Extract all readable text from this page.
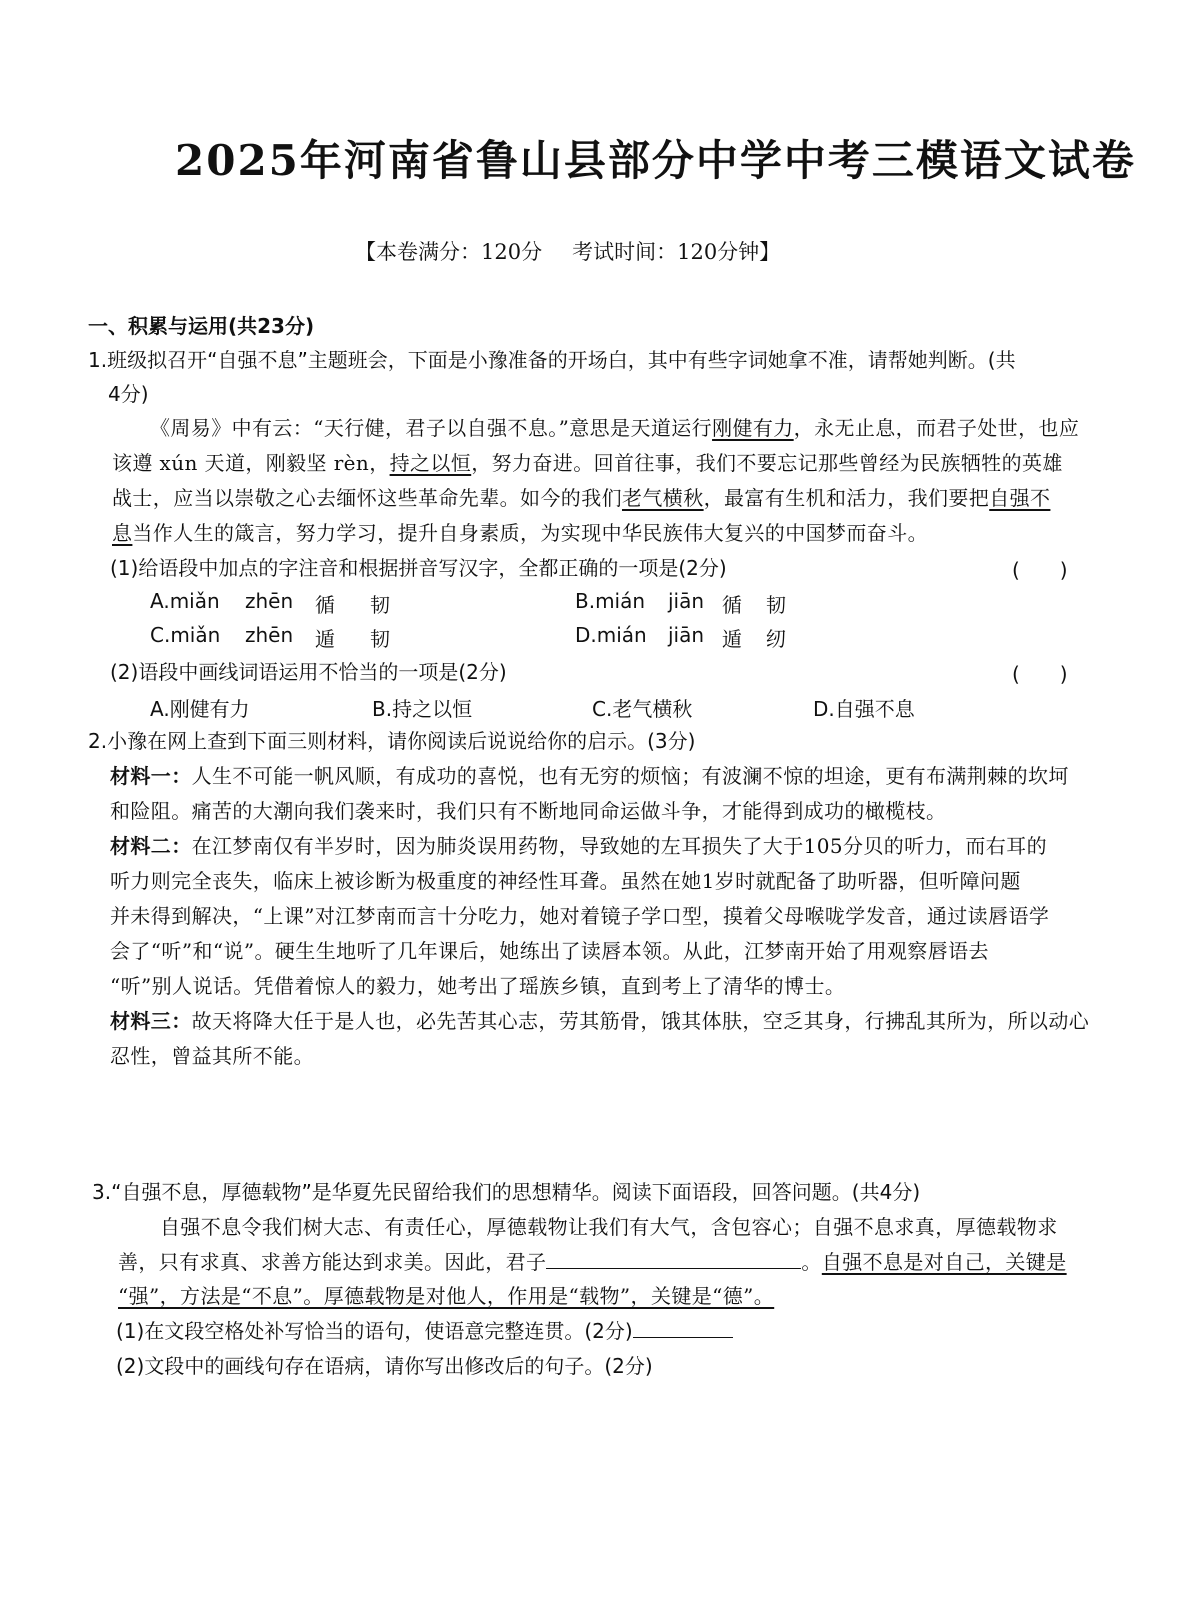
2025年河南省鲁山县部分中学中考三模语文试卷
【本卷满分：120分 考试时间：120分钟】
一、积累与运用(共23分)
1.班级拟召开“自强不息”主题班会，下面是小豫准备的开场白，其中有些字词她拿不准，请帮她判断。(共
4分)
《周易》中有云：“天行健，君子以自强不息。”意思是天道运行刚健有力，永无止息，而君子处世，也应
该遵 xún 天道，刚毅坚 rèn，持之以恒，努力奋进。回首往事，我们不要忘记那些曾经为民族牺牲的英雄
战士，应当以崇敬之心去缅怀这些革命先辈。如今的我们老气横秋，最富有生机和活力，我们要把自强不
息当作人生的箴言，努力学习，提升自身素质，为实现中华民族伟大复兴的中国梦而奋斗。
(1)给语段中加点的字注音和根据拼音写汉字，全都正确的一项是(2分)	(　　)
A.miǎn zhēn 循 韧	B.mián jiān 循 韧
C.miǎn zhēn 遁 韧	D.mián jiān 遁 纫
(2)语段中画线词语运用不恰当的一项是(2分)	(　　)
A.刚健有力	B.持之以恒	C.老气横秋	D.自强不息
2.小豫在网上查到下面三则材料，请你阅读后说说给你的启示。(3分)
材料一：人生不可能一帆风顺，有成功的喜悦，也有无穷的烦恼；有波澜不惊的坦途，更有布满荆棘的坎坷
和险阻。痛苦的大潮向我们袭来时，我们只有不断地同命运做斗争，才能得到成功的橄榄枝。
材料二：在江梦南仅有半岁时，因为肺炎误用药物，导致她的左耳损失了大于105分贝的听力，而右耳的
听力则完全丧失，临床上被诊断为极重度的神经性耳聋。虽然在她1岁时就配备了助听器，但听障问题
并未得到解决，“上课”对江梦南而言十分吃力，她对着镜子学口型，摸着父母喉咙学发音，通过读唇语学
会了“听”和“说”。硬生生地听了几年课后，她练出了读唇本领。从此，江梦南开始了用观察唇语去
“听”别人说话。凭借着惊人的毅力，她考出了瑶族乡镇，直到考上了清华的博士。
材料三：故天将降大任于是人也，必先苦其心志，劳其筋骨，饿其体肤，空乏其身，行拂乱其所为，所以动心
忍性，曾益其所不能。
3.“自强不息，厚德载物”是华夏先民留给我们的思想精华。阅读下面语段，回答问题。(共4分)
自强不息令我们树大志、有责任心，厚德载物让我们有大气，含包容心；自强不息求真，厚德载物求
善，只有求真、求善方能达到求美。因此，君子	。自强不息是对自己，关键是
“强”，方法是“不息”。厚德载物是对他人，作用是“载物”，关键是“德”。
(1)在文段空格处补写恰当的语句，使语意完整连贯。(2分)
(2)文段中的画线句存在语病，请你写出修改后的句子。(2分)
